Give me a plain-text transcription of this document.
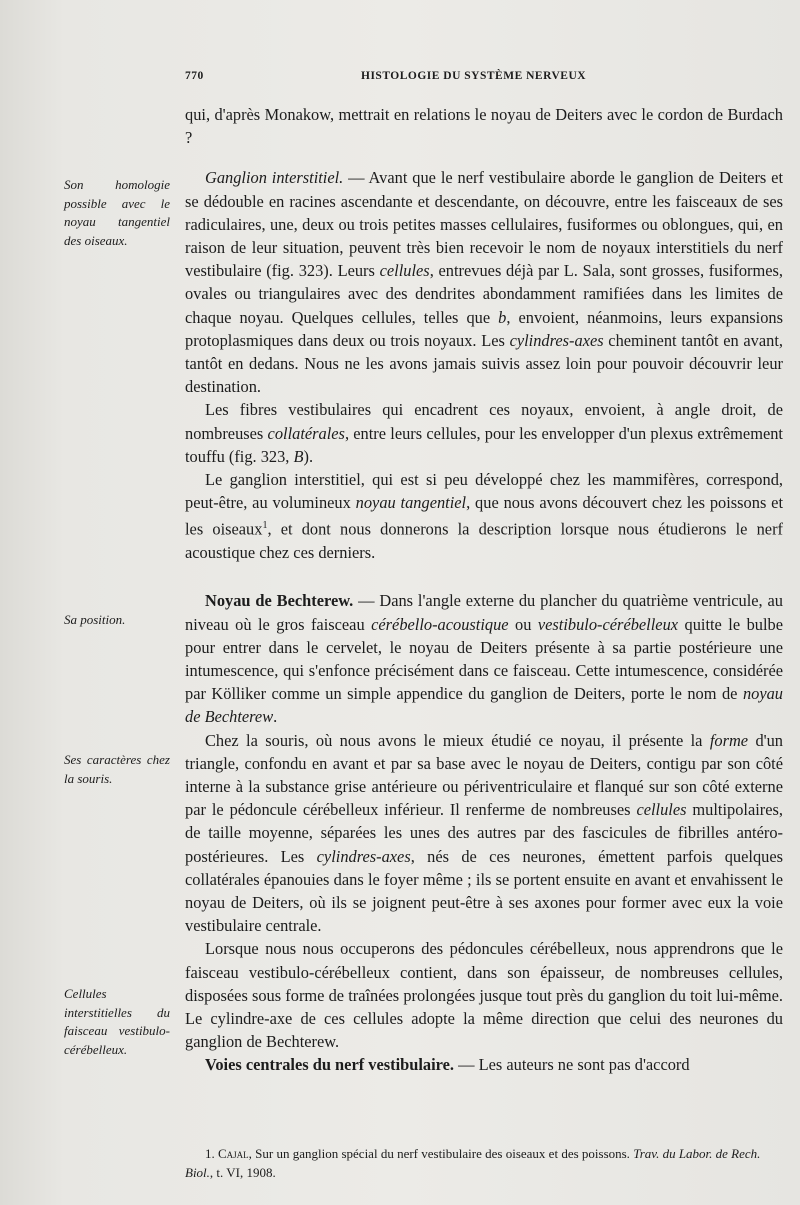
770	HISTOLOGIE DU SYSTÈME NERVEUX
Son homologie possible avec le noyau tangentiel des oiseaux.
Sa position.
Ses caractères chez la souris.
Cellules interstitielles du faisceau vestibulo-cérébelleux.

qui, d'après Monakow, mettrait en relations le noyau de Deiters avec le cordon de Burdach ?

Ganglion interstitiel. — Avant que le nerf vestibulaire aborde le ganglion de Deiters et se dédouble en racines ascendante et descendante, on découvre, entre les faisceaux de ses radiculaires, une, deux ou trois petites masses cellulaires, fusiformes ou oblongues, qui, en raison de leur situation, peuvent très bien recevoir le nom de noyaux interstitiels du nerf vestibulaire (fig. 323). Leurs cellules, entrevues déjà par L. Sala, sont grosses, fusiformes, ovales ou triangulaires avec des dendrites abondamment ramifiées dans les limites de chaque noyau. Quelques cellules, telles que b, envoient, néanmoins, leurs expansions protoplasmiques dans deux ou trois noyaux. Les cylindres-axes cheminent tantôt en avant, tantôt en dedans. Nous ne les avons jamais suivis assez loin pour pouvoir découvrir leur destination.

Les fibres vestibulaires qui encadrent ces noyaux, envoient, à angle droit, de nombreuses collatérales, entre leurs cellules, pour les envelopper d'un plexus extrêmement touffu (fig. 323, B).

Le ganglion interstitiel, qui est si peu développé chez les mammifères, correspond, peut-être, au volumineux noyau tangentiel, que nous avons découvert chez les poissons et les oiseaux$^1$, et dont nous donnerons la description lorsque nous étudierons le nerf acoustique chez ces derniers.

Noyau de Bechterew. — Dans l'angle externe du plancher du quatrième ventricule, au niveau où le gros faisceau cérébello-acoustique ou vestibulo-cérébelleux quitte le bulbe pour entrer dans le cervelet, le noyau de Deiters présente à sa partie postérieure une intumescence, qui s'enfonce précisément dans ce faisceau. Cette intumescence, considérée par Kölliker comme un simple appendice du ganglion de Deiters, porte le nom de noyau de Bechterew.

Chez la souris, où nous avons le mieux étudié ce noyau, il présente la forme d'un triangle, confondu en avant et par sa base avec le noyau de Deiters, contigu par son côté interne à la substance grise antérieure ou périventriculaire et flanqué sur son côté externe par le pédoncule cérébelleux inférieur. Il renferme de nombreuses cellules multipolaires, de taille moyenne, séparées les unes des autres par des fascicules de fibrilles antéro-postérieures. Les cylindres-axes, nés de ces neurones, émettent parfois quelques collatérales épanouies dans le foyer même ; ils se portent ensuite en avant et envahissent le noyau de Deiters, où ils se joignent peut-être à ses axones pour former avec eux la voie vestibulaire centrale.

Lorsque nous nous occuperons des pédoncules cérébelleux, nous apprendrons que le faisceau vestibulo-cérébelleux contient, dans son épaisseur, de nombreuses cellules, disposées sous forme de traînées prolongées jusque tout près du ganglion du toit lui-même. Le cylindre-axe de ces cellules adopte la même direction que celui des neurones du ganglion de Bechterew.

Voies centrales du nerf vestibulaire. — Les auteurs ne sont pas d'accord

1. Cajal, Sur un ganglion spécial du nerf vestibulaire des oiseaux et des poissons. Trav. du Labor. de Rech. Biol., t. VI, 1908.
